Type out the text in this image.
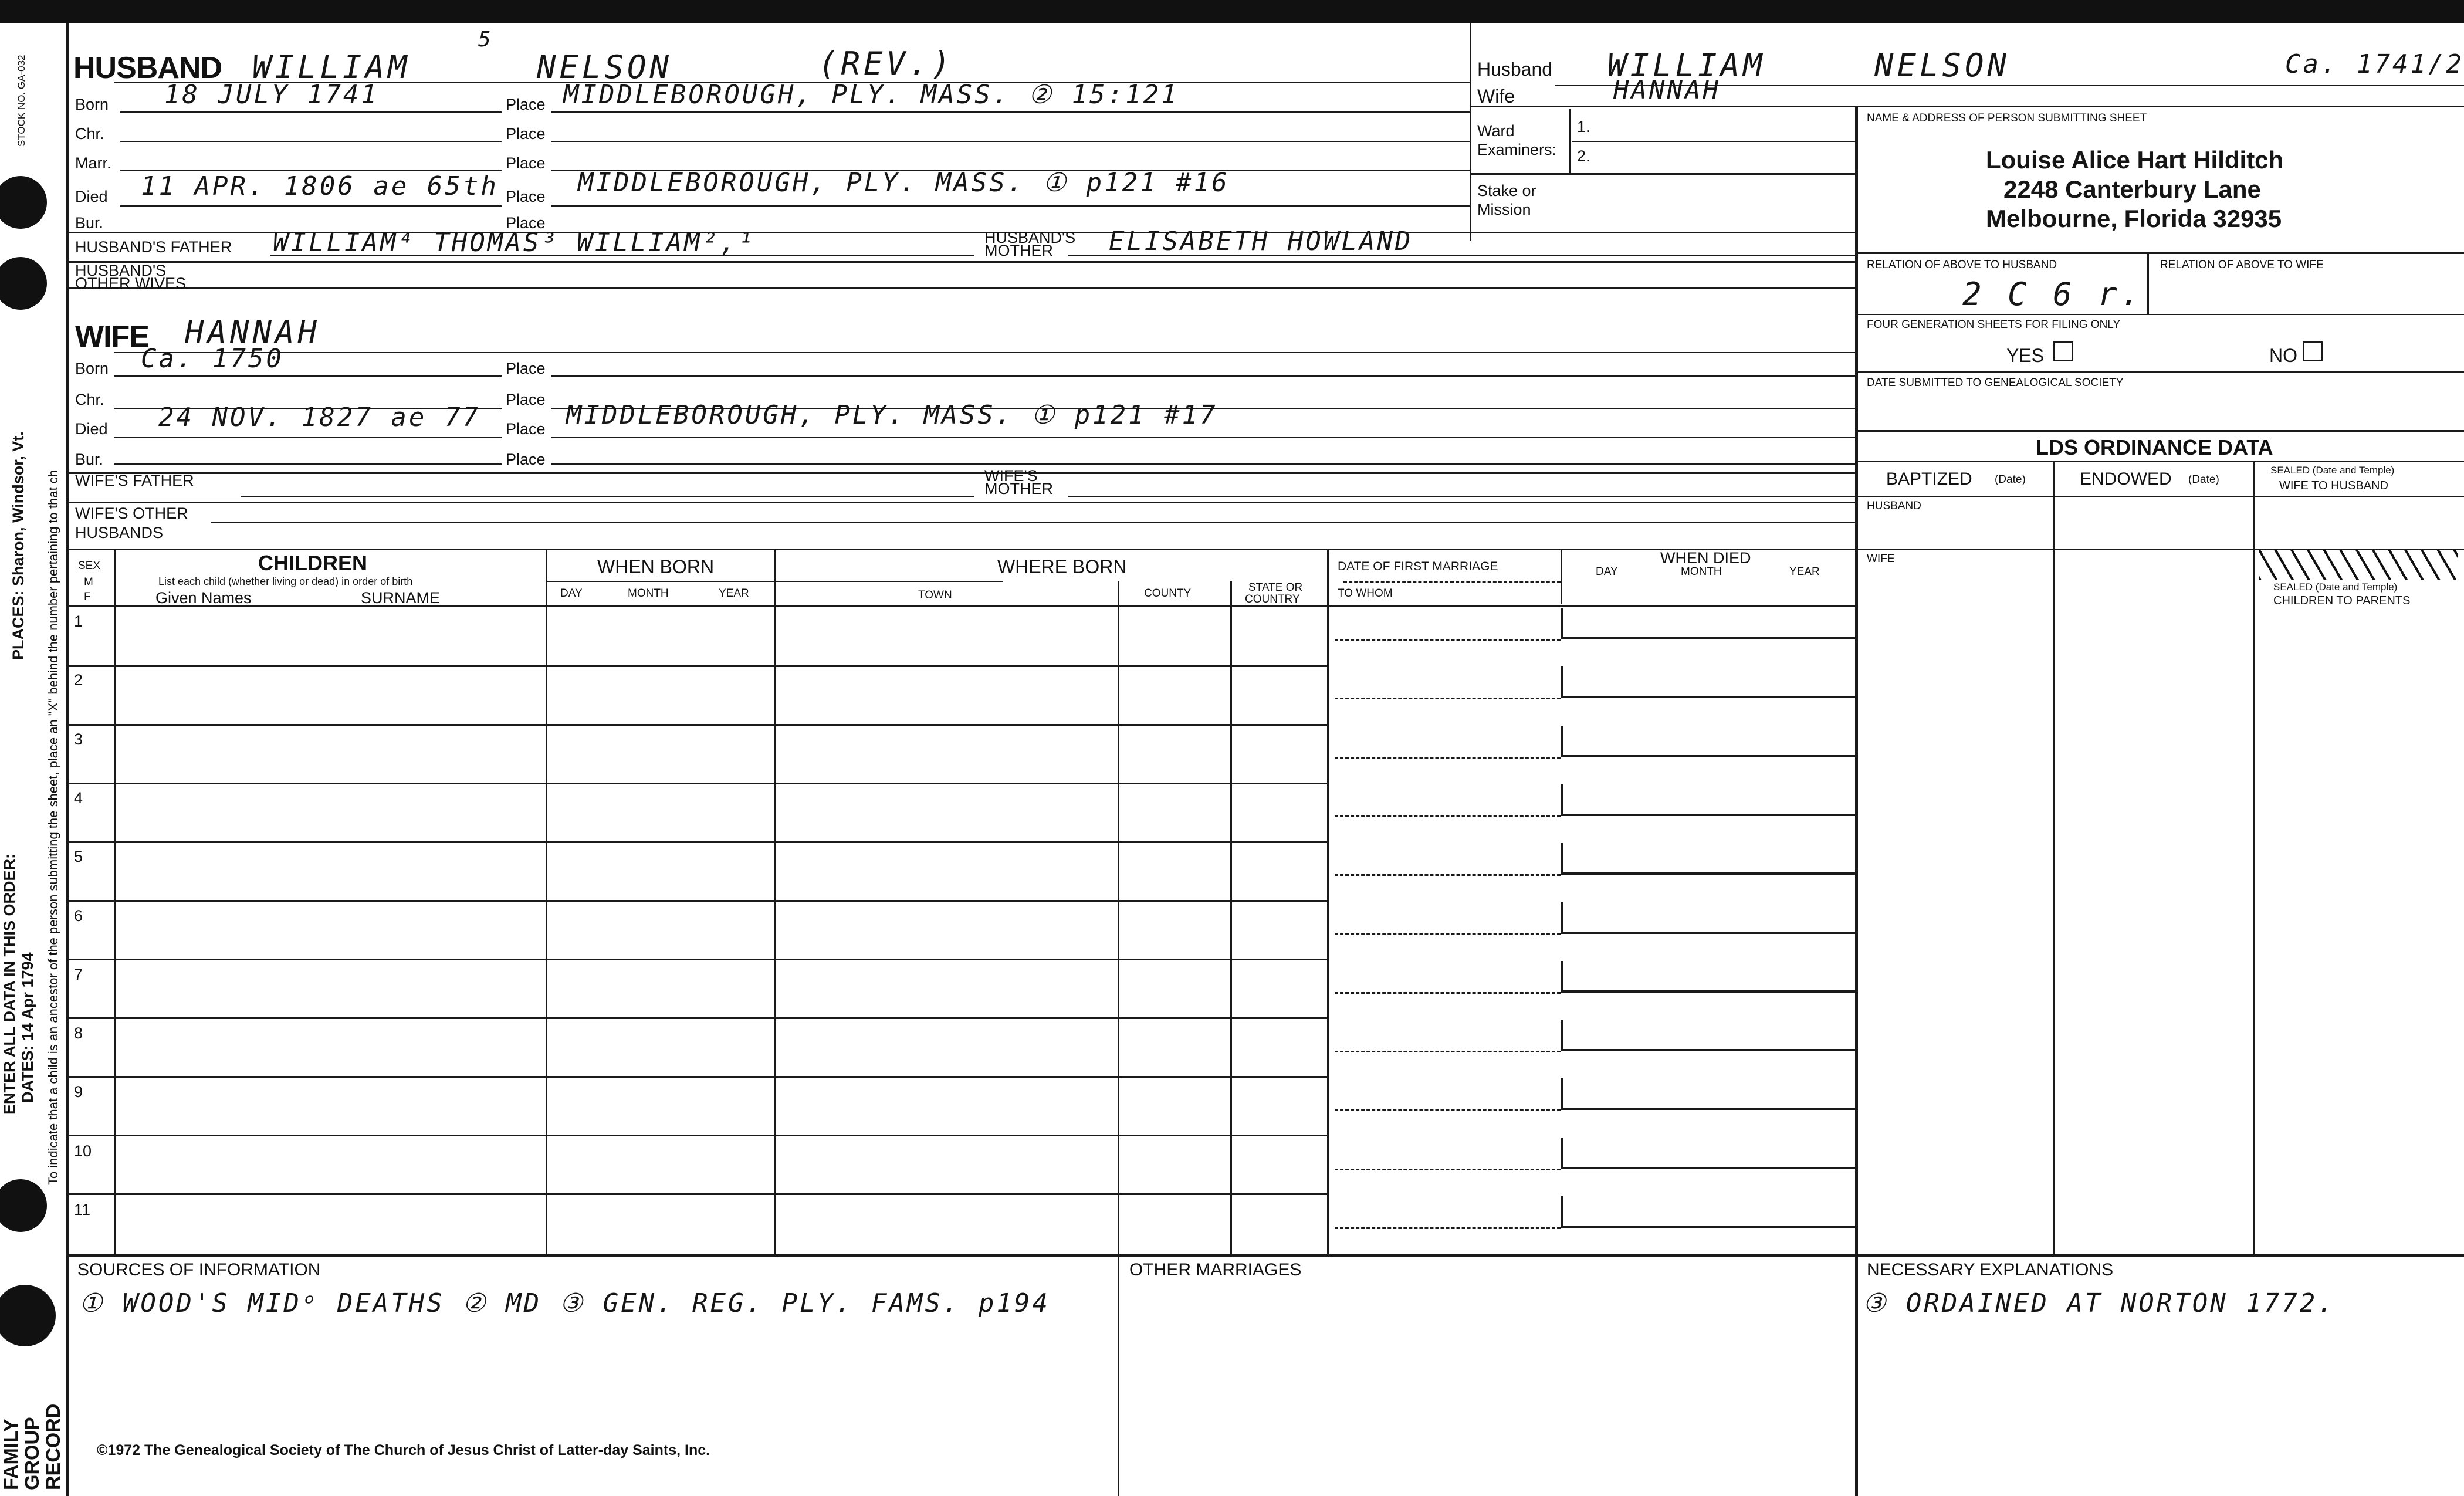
STOCK NO. GA-032
PLACES: Sharon, Windsor, Vt. To indicate that a child is an ancestor of the person submitting the sheet, place an "X" behind the number pertaining to that ch
ENTER ALL DATA IN THIS ORDER: DATES: 14 Apr 1794
FAMILY
GROUP
RECORD
1
2
3
4
5
6
7
8
9
10
11
HUSBAND WILLIAM
5
NELSON	(REV.)
Born 18 JULY 1741	Place MIDDLEBOROUGH, PLY. MASS. ② 15:121
Chr.	Place
Marr.	Place
Died 11 APR. 1806 ae 65th Place MIDDLEBOROUGH, PLY. MASS. ① p121 #16
Bur.	Place
HUSBAND'S FATHER WILLIAM⁴ THOMAS³ WILLIAM²,¹	HUSBAND'S
MOTHER ELISABETH HOWLAND
HUSBAND'S
OTHER WIVES
WIFE HANNAH
Born Ca. 1750	Place
Chr.	Place
Died 24 NOV. 1827 ae 77 Place MIDDLEBOROUGH, PLY. MASS. ① p121 #17
Bur.	Place
WIFE'S FATHER	WIFE'S
MOTHER
WIFE'S OTHER
HUSBANDS
Husband WILLIAM	NELSON	Ca. 1741/2
Wife	HANNAH
Ward
Examiners:
1.
2.
Stake or
Mission
NAME & ADDRESS OF PERSON SUBMITTING SHEET
Louise Alice Hart Hilditch
2248 Canterbury Lane
Melbourne, Florida 32935
RELATION OF ABOVE TO HUSBAND
2 C 6 r.
RELATION OF ABOVE TO WIFE
FOUR GENERATION SHEETS FOR FILING ONLY
YES	NO
DATE SUBMITTED TO GENEALOGICAL SOCIETY
LDS ORDINANCE DATA
BAPTIZED (Date)	ENDOWED (Date)
SEALED (Date and Temple)
WIFE TO HUSBAND
HUSBAND
WIFE
SEALED (Date and Temple)
CHILDREN TO PARENTS
SEX
M
F
CHILDREN
List each child (whether living or dead) in order of birth
Given Names	SURNAME
WHEN BORN
DAY	MONTH	YEAR
WHERE BORN
TOWN	COUNTY	STATE OR
COUNTRY
DATE OF FIRST MARRIAGE
TO WHOM
WHEN DIED
DAY	MONTH	YEAR
SOURCES OF INFORMATION
① WOOD'S MIDᵒ DEATHS ② MD ③ GEN. REG. PLY. FAMS. p194
OTHER MARRIAGES	NECESSARY EXPLANATIONS
③ ORDAINED AT NORTON 1772.
©1972 The Genealogical Society of The Church of Jesus Christ of Latter-day Saints, Inc.
